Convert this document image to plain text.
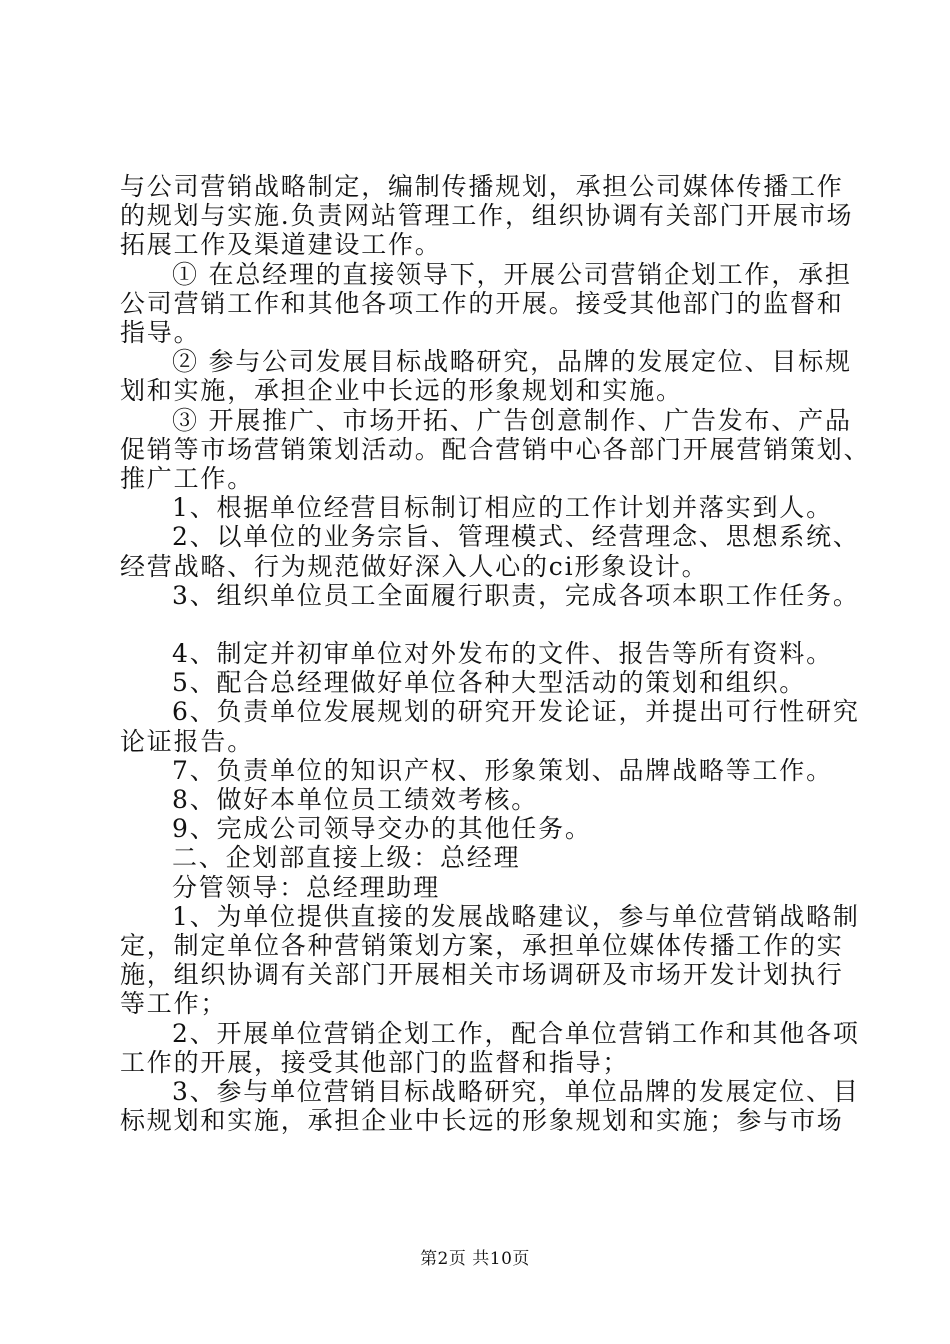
与公司营销战略制定，编制传播规划，承担公司媒体传播工作
的规划与实施.负责网站管理工作，组织协调有关部门开展市场
拓展工作及渠道建设工作。
① 在总经理的直接领导下，开展公司营销企划工作，承担
公司营销工作和其他各项工作的开展。接受其他部门的监督和
指导。
② 参与公司发展目标战略研究，品牌的发展定位、目标规
划和实施，承担企业中长远的形象规划和实施。
③ 开展推广、市场开拓、广告创意制作、广告发布、产品
促销等市场营销策划活动。配合营销中心各部门开展营销策划、
推广工作。
1、根据单位经营目标制订相应的工作计划并落实到人。
2、以单位的业务宗旨、管理模式、经营理念、思想系统、
经营战略、行为规范做好深入人心的ci形象设计。
3、组织单位员工全面履行职责，完成各项本职工作任务。
4、制定并初审单位对外发布的文件、报告等所有资料。
5、配合总经理做好单位各种大型活动的策划和组织。
6、负责单位发展规划的研究开发论证，并提出可行性研究
论证报告。
7、负责单位的知识产权、形象策划、品牌战略等工作。
8、做好本单位员工绩效考核。
9、完成公司领导交办的其他任务。
二、企划部直接上级：总经理
分管领导：总经理助理
1、为单位提供直接的发展战略建议，参与单位营销战略制
定，制定单位各种营销策划方案，承担单位媒体传播工作的实
施，组织协调有关部门开展相关市场调研及市场开发计划执行
等工作；
2、开展单位营销企划工作，配合单位营销工作和其他各项
工作的开展，接受其他部门的监督和指导；
3、参与单位营销目标战略研究，单位品牌的发展定位、目
标规划和实施，承担企业中长远的形象规划和实施；参与市场
第2页 共10页
